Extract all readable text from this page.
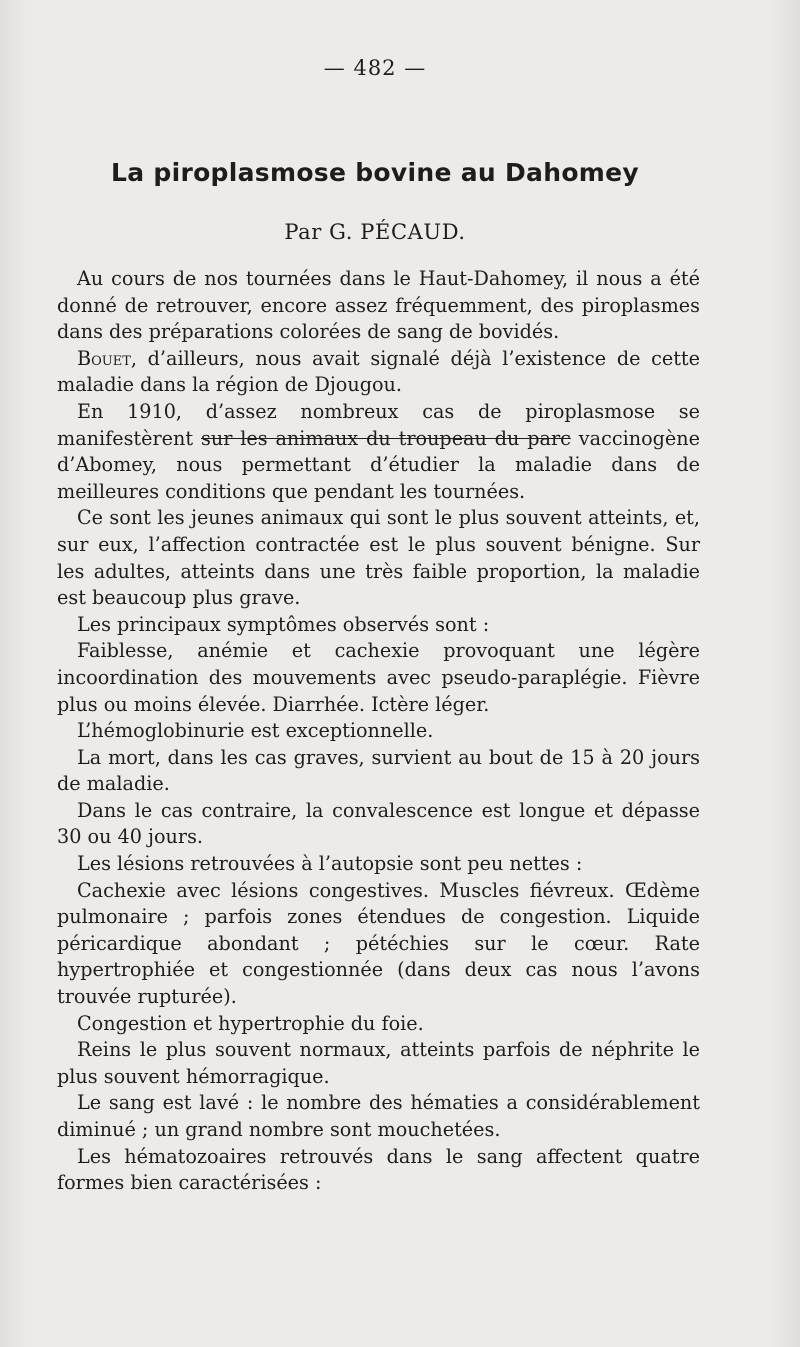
— 482 —
La piroplasmose bovine au Dahomey
Par G. PÉCAUD.

Au cours de nos tournées dans le Haut-Dahomey, il nous a été donné de retrouver, encore assez fréquemment, des piroplasmes dans des préparations colorées de sang de bovidés.

Bouet, d’ailleurs, nous avait signalé déjà l’existence de cette maladie dans la région de Djougou.

En 1910, d’assez nombreux cas de piroplasmose se manifestèrent sur les animaux du troupeau du parc vaccinogène d’Abomey, nous permettant d’étudier la maladie dans de meilleures conditions que pendant les tournées.

Ce sont les jeunes animaux qui sont le plus souvent atteints, et, sur eux, l’affection contractée est le plus souvent bénigne. Sur les adultes, atteints dans une très faible proportion, la maladie est beaucoup plus grave.

Les principaux symptômes observés sont :

Faiblesse, anémie et cachexie provoquant une légère incoordination des mouvements avec pseudo-paraplégie. Fièvre plus ou moins élevée. Diarrhée. Ictère léger.

L’hémoglobinurie est exceptionnelle.

La mort, dans les cas graves, survient au bout de 15 à 20 jours de maladie.

Dans le cas contraire, la convalescence est longue et dépasse 30 ou 40 jours.

Les lésions retrouvées à l’autopsie sont peu nettes :

Cachexie avec lésions congestives. Muscles fiévreux. Œdème pulmonaire ; parfois zones étendues de congestion. Liquide péricardique abondant ; pétéchies sur le cœur. Rate hypertrophiée et congestionnée (dans deux cas nous l’avons trouvée rupturée).

Congestion et hypertrophie du foie.

Reins le plus souvent normaux, atteints parfois de néphrite le plus souvent hémorragique.

Le sang est lavé : le nombre des hématies a considérablement diminué ; un grand nombre sont mouchetées.

Les hématozoaires retrouvés dans le sang affectent quatre formes bien caractérisées :
